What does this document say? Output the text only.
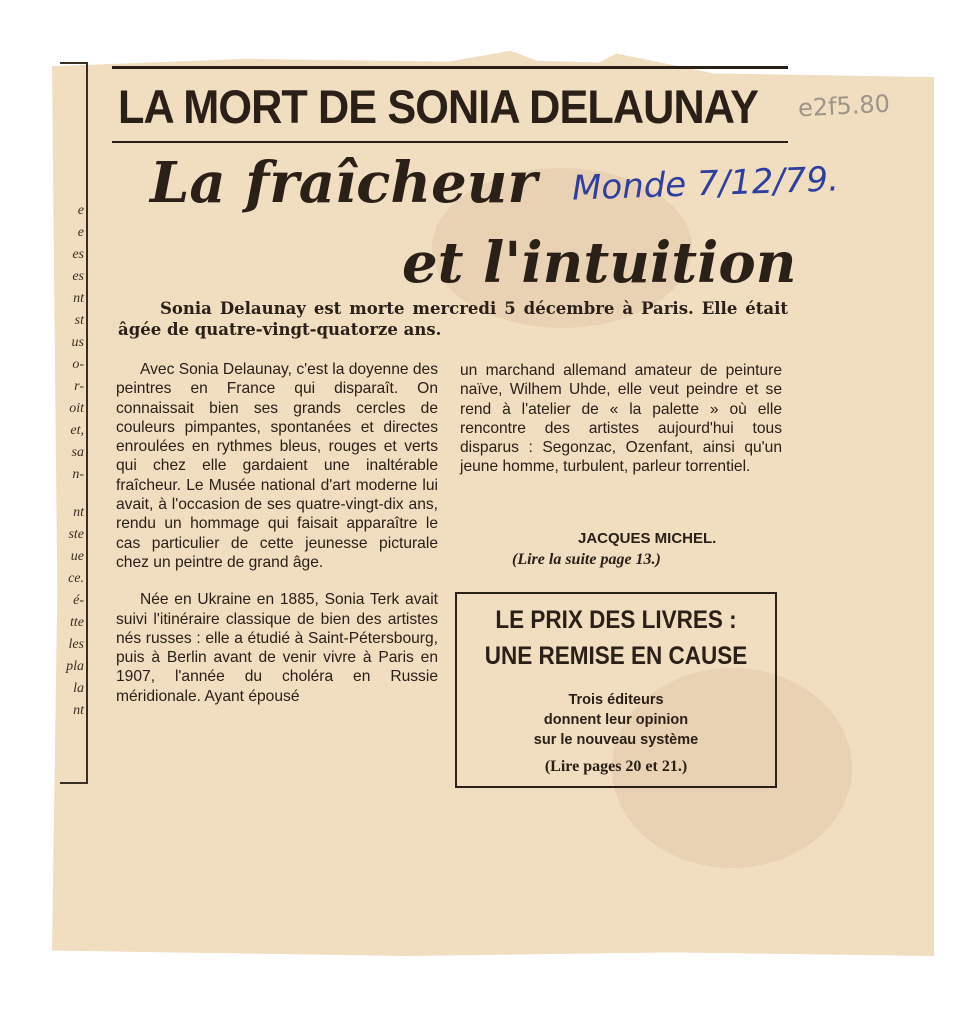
e
e
es
es
nt
st
us
o-
r-
oit
et,
sa
n-
nt
ste
ue
ce.
é-
tte
les
pla
la
nt
LA MORT DE SONIA DELAUNAY e2f5.80
La fraîcheur
et l'intuition
Monde 7/12/79.
Sonia Delaunay est morte mercredi 5 décembre à Paris. Elle était âgée de quatre-vingt-quatorze ans.

Avec Sonia Delaunay, c'est la doyenne des peintres en France qui disparaît. On connaissait bien ses grands cercles de couleurs pimpantes, spontanées et directes enroulées en rythmes bleus, rouges et verts qui chez elle gardaient une inaltérable fraîcheur. Le Musée national d'art moderne lui avait, à l'occasion de ses quatre-vingt-dix ans, rendu un hommage qui faisait apparaître le cas particulier de cette jeunesse picturale chez un peintre de grand âge.

Née en Ukraine en 1885, Sonia Terk avait suivi l'itinéraire classique de bien des artistes nés russes : elle a étudié à Saint-Pétersbourg, puis à Berlin avant de venir vivre à Paris en 1907, l'année du choléra en Russie méridionale. Ayant épousé

un marchand allemand amateur de peinture naïve, Wilhem Uhde, elle veut peindre et se rend à l'atelier de « la palette » où elle rencontre des artistes aujourd'hui tous disparus : Segonzac, Ozenfant, ainsi qu'un jeune homme, turbulent, parleur torrentiel.

JACQUES MICHEL.
(Lire la suite page 13.)
LE PRIX DES LIVRES :
UNE REMISE EN CAUSE
Trois éditeurs
donnent leur opinion
sur le nouveau système
(Lire pages 20 et 21.)
